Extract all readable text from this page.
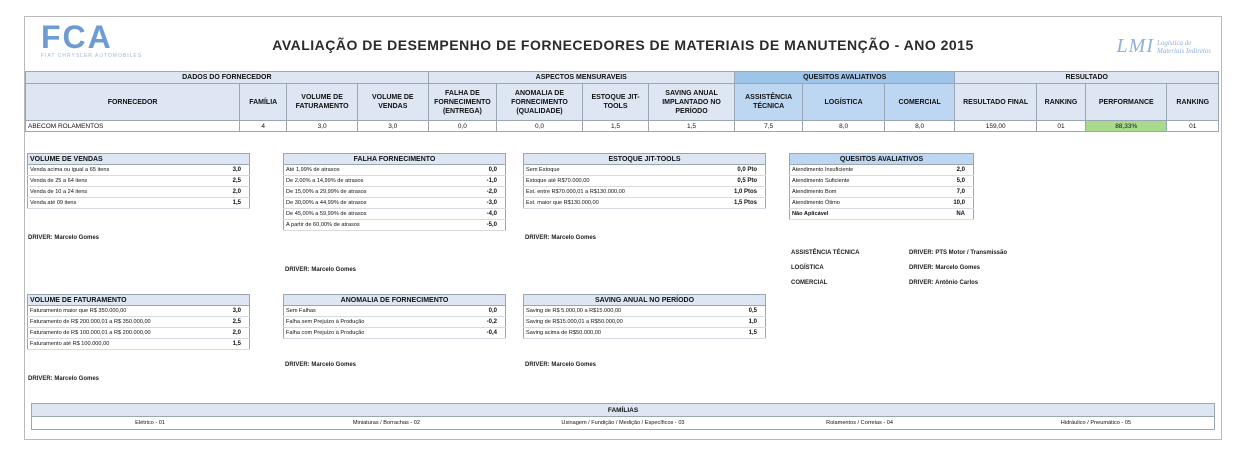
FCA
FIAT CHRYSLER AUTOMOBILES
AVALIAÇÃO DE DESEMPENHO DE FORNECEDORES DE MATERIAIS DE MANUTENÇÃO - ANO 2015	LMI Logística de
Materiais Indiretos
DADOS DO FORNECEDOR				ASPECTOS MENSURAVEIS				QUESITOS AVALIATIVOS			RESULTADO			
FORNECEDOR	FAMÍLIA	VOLUME DE FATURAMENTO	VOLUME DE VENDAS	FALHA DE FORNECIMENTO (ENTREGA)	ANOMALIA DE FORNECIMENTO (QUALIDADE)	ESTOQUE JIT-TOOLS	SAVING ANUAL IMPLANTADO NO PERÍODO	ASSISTÊNCIA TÉCNICA	LOGÍSTICA	COMERCIAL	RESULTADO FINAL	RANKING	PERFORMANCE	RANKING
ABECOM ROLAMENTOS	4	3,0	3,0	0,0	0,0	1,5	1,5	7,5	8,0	8,0	159,00	01	88,33%	01
VOLUME DE VENDAS	
Venda acima ou igual a 65 itens	3,0
Venda de 25 a 64 itens	2,5
Venda de 10 a 24 itens	2,0
Venda até 09 itens	1,5
DRIVER: Marcelo Gomes
FALHA FORNECIMENTO	
Até 1,99% de atrasos	0,0
De 2,00% a 14,99% de atrasos	-1,0
De 15,00% a 29,99% de atrasos	-2,0
De 30,00% a 44,99% de atrasos	-3,0
De 45,00% a 59,99% de atrasos	-4,0
A partir de 60,00% de atrasos	-5,0
DRIVER: Marcelo Gomes
ESTOQUE JIT-TOOLS	
Sem Estoque	0,0 Pto
Estoque até R$70.000,00	0,5 Pto
Est. entre R$70.000,01 a R$130.000,00	1,0 Ptos
Est. maior que R$130.000,00	1,5 Ptos
DRIVER: Marcelo Gomes
QUESITOS AVALIATIVOS	
Atendimento Insuficiente	2,0
Atendimento Suficiente	5,0
Atendimento Bom	7,0
Atendimento Ótimo	10,0
Não Aplicável	NA
ASSISTÊNCIA TÉCNICA	DRIVER: PTS Motor / Transmissão
LOGÍSTICA	DRIVER: Marcelo Gomes
COMERCIAL	DRIVER: Antônio Carlos
VOLUME DE FATURAMENTO	
Faturamento maior que R$ 350.000,00	3,0
Faturamento de R$ 200.000,01 a R$ 350.000,00	2,5
Faturamento de R$ 100.000,01 a R$ 200.000,00	2,0
Faturamento até R$ 100.000,00	1,5
DRIVER: Marcelo Gomes
ANOMALIA DE FORNECIMENTO	
Sem Falhas	0,0
Falha sem Prejuízo à Produção	-0,2
Falha com Prejuízo à Produção	-0,4
DRIVER: Marcelo Gomes
SAVING ANUAL NO PERÍODO	
Saving de R$ 5.000,00 a R$15.000,00	0,5
Saving de R$15.000,01 a R$50.000,00	1,0
Saving acima de R$50.000,00	1,5
DRIVER: Marcelo Gomes
FAMÍLIAS
Elétrico - 01	Miniaturas / Borrachas - 02	Usinagem / Fundição / Medição / Específicos - 03	Rolamentos / Correias - 04	Hidráulico / Pneumático - 05
